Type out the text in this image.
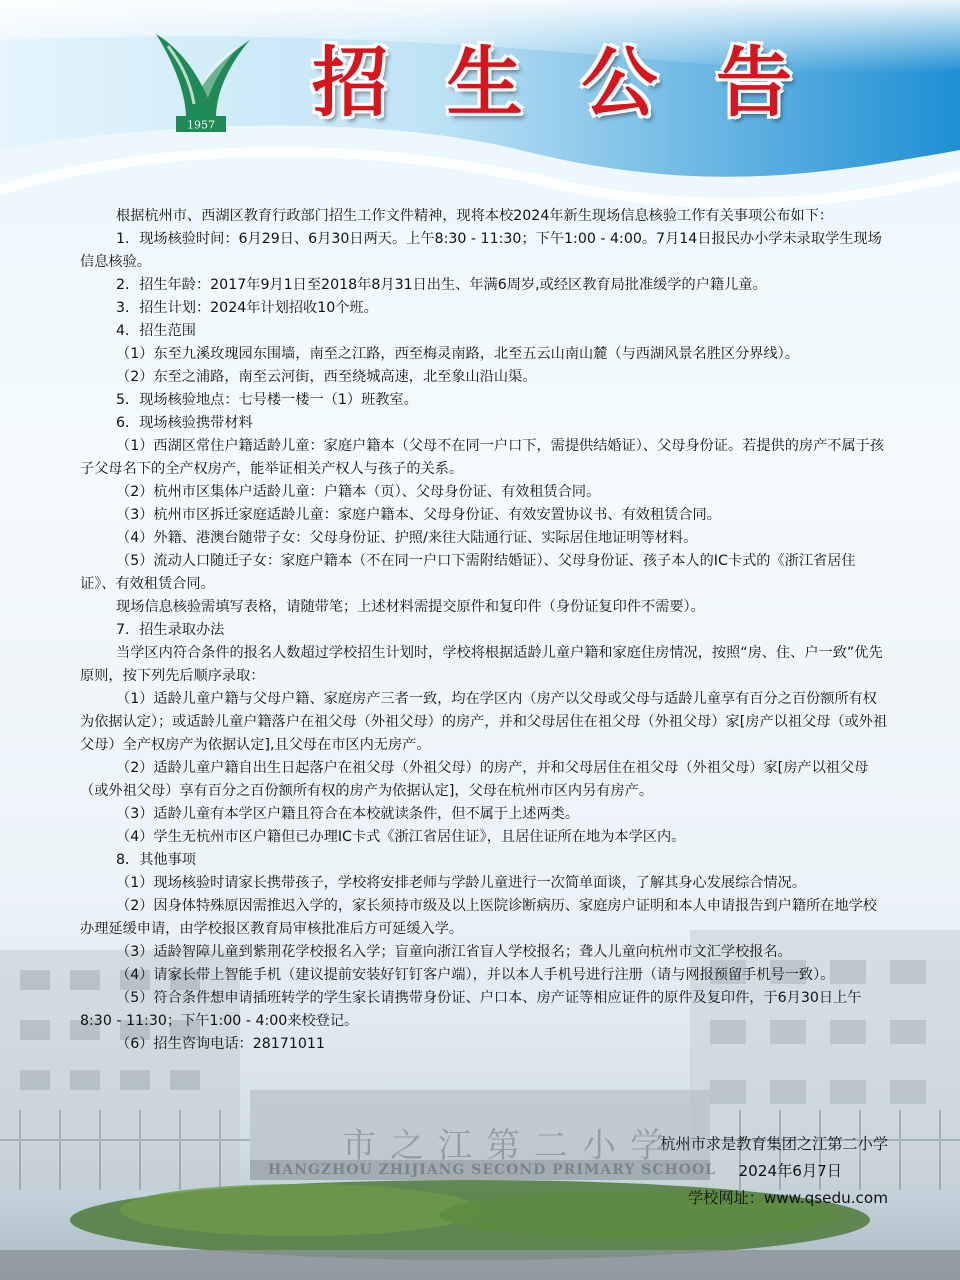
市之江第二小学
HANGZHOU ZHIJIANG SECOND PRIMARY SCHOOL
1957 招 生 公 告

根据杭州市、西湖区教育行政部门招生工作文件精神，现将本校2024年新生现场信息核验工作有关事项公布如下：

1．现场核验时间：6月29日、6月30日两天。上午8:30 - 11:30；下午1:00 - 4:00。7月14日报民办小学未录取学生现场信息核验。

2．招生年龄：2017年9月1日至2018年8月31日出生、年满6周岁,或经区教育局批准缓学的户籍儿童。

3．招生计划：2024年计划招收10个班。

4．招生范围

（1）东至九溪玫瑰园东围墙，南至之江路，西至梅灵南路，北至五云山南山麓（与西湖风景名胜区分界线）。

（2）东至之浦路，南至云河街，西至绕城高速，北至象山沿山渠。

5．现场核验地点：七号楼一楼一（1）班教室。

6．现场核验携带材料

（1）西湖区常住户籍适龄儿童：家庭户籍本（父母不在同一户口下，需提供结婚证）、父母身份证。若提供的房产不属于孩子父母名下的全产权房产，能举证相关产权人与孩子的关系。

（2）杭州市区集体户适龄儿童：户籍本（页）、父母身份证、有效租赁合同。

（3）杭州市区拆迁家庭适龄儿童：家庭户籍本、父母身份证、有效安置协议书、有效租赁合同。

（4）外籍、港澳台随带子女：父母身份证、护照/来往大陆通行证、实际居住地证明等材料。

（5）流动人口随迁子女：家庭户籍本（不在同一户口下需附结婚证）、父母身份证、孩子本人的IC卡式的《浙江省居住证》、有效租赁合同。

现场信息核验需填写表格，请随带笔；上述材料需提交原件和复印件（身份证复印件不需要）。

7．招生录取办法

当学区内符合条件的报名人数超过学校招生计划时，学校将根据适龄儿童户籍和家庭住房情况，按照“房、住、户一致”优先原则，按下列先后顺序录取：

（1）适龄儿童户籍与父母户籍、家庭房产三者一致，均在学区内（房产以父母或父母与适龄儿童享有百分之百份额所有权为依据认定）；或适龄儿童户籍落户在祖父母（外祖父母）的房产，并和父母居住在祖父母（外祖父母）家[房产以祖父母（或外祖父母）全产权房产为依据认定],且父母在市区内无房产。

（2）适龄儿童户籍自出生日起落户在祖父母（外祖父母）的房产，并和父母居住在祖父母（外祖父母）家[房产以祖父母（或外祖父母）享有百分之百份额所有权的房产为依据认定]，父母在杭州市区内另有房产。

（3）适龄儿童有本学区户籍且符合在本校就读条件，但不属于上述两类。

（4）学生无杭州市区户籍但已办理IC卡式《浙江省居住证》，且居住证所在地为本学区内。

8．其他事项

（1）现场核验时请家长携带孩子，学校将安排老师与学龄儿童进行一次简单面谈，了解其身心发展综合情况。

（2）因身体特殊原因需推迟入学的，家长须持市级及以上医院诊断病历、家庭房户证明和本人申请报告到户籍所在地学校办理延缓申请，由学校报区教育局审核批准后方可延缓入学。

（3）适龄智障儿童到紫荆花学校报名入学；盲童向浙江省盲人学校报名；聋人儿童向杭州市文汇学校报名。

（4）请家长带上智能手机（建议提前安装好钉钉客户端），并以本人手机号进行注册（请与网报预留手机号一致）。

（5）符合条件想申请插班转学的学生家长请携带身份证、户口本、房产证等相应证件的原件及复印件，于6月30日上午8:30 - 11:30；下午1:00 - 4:00来校登记。

（6）招生咨询电话：28171011

杭州市求是教育集团之江第二小学
2024年6月7日
学校网址：www.qsedu.com
